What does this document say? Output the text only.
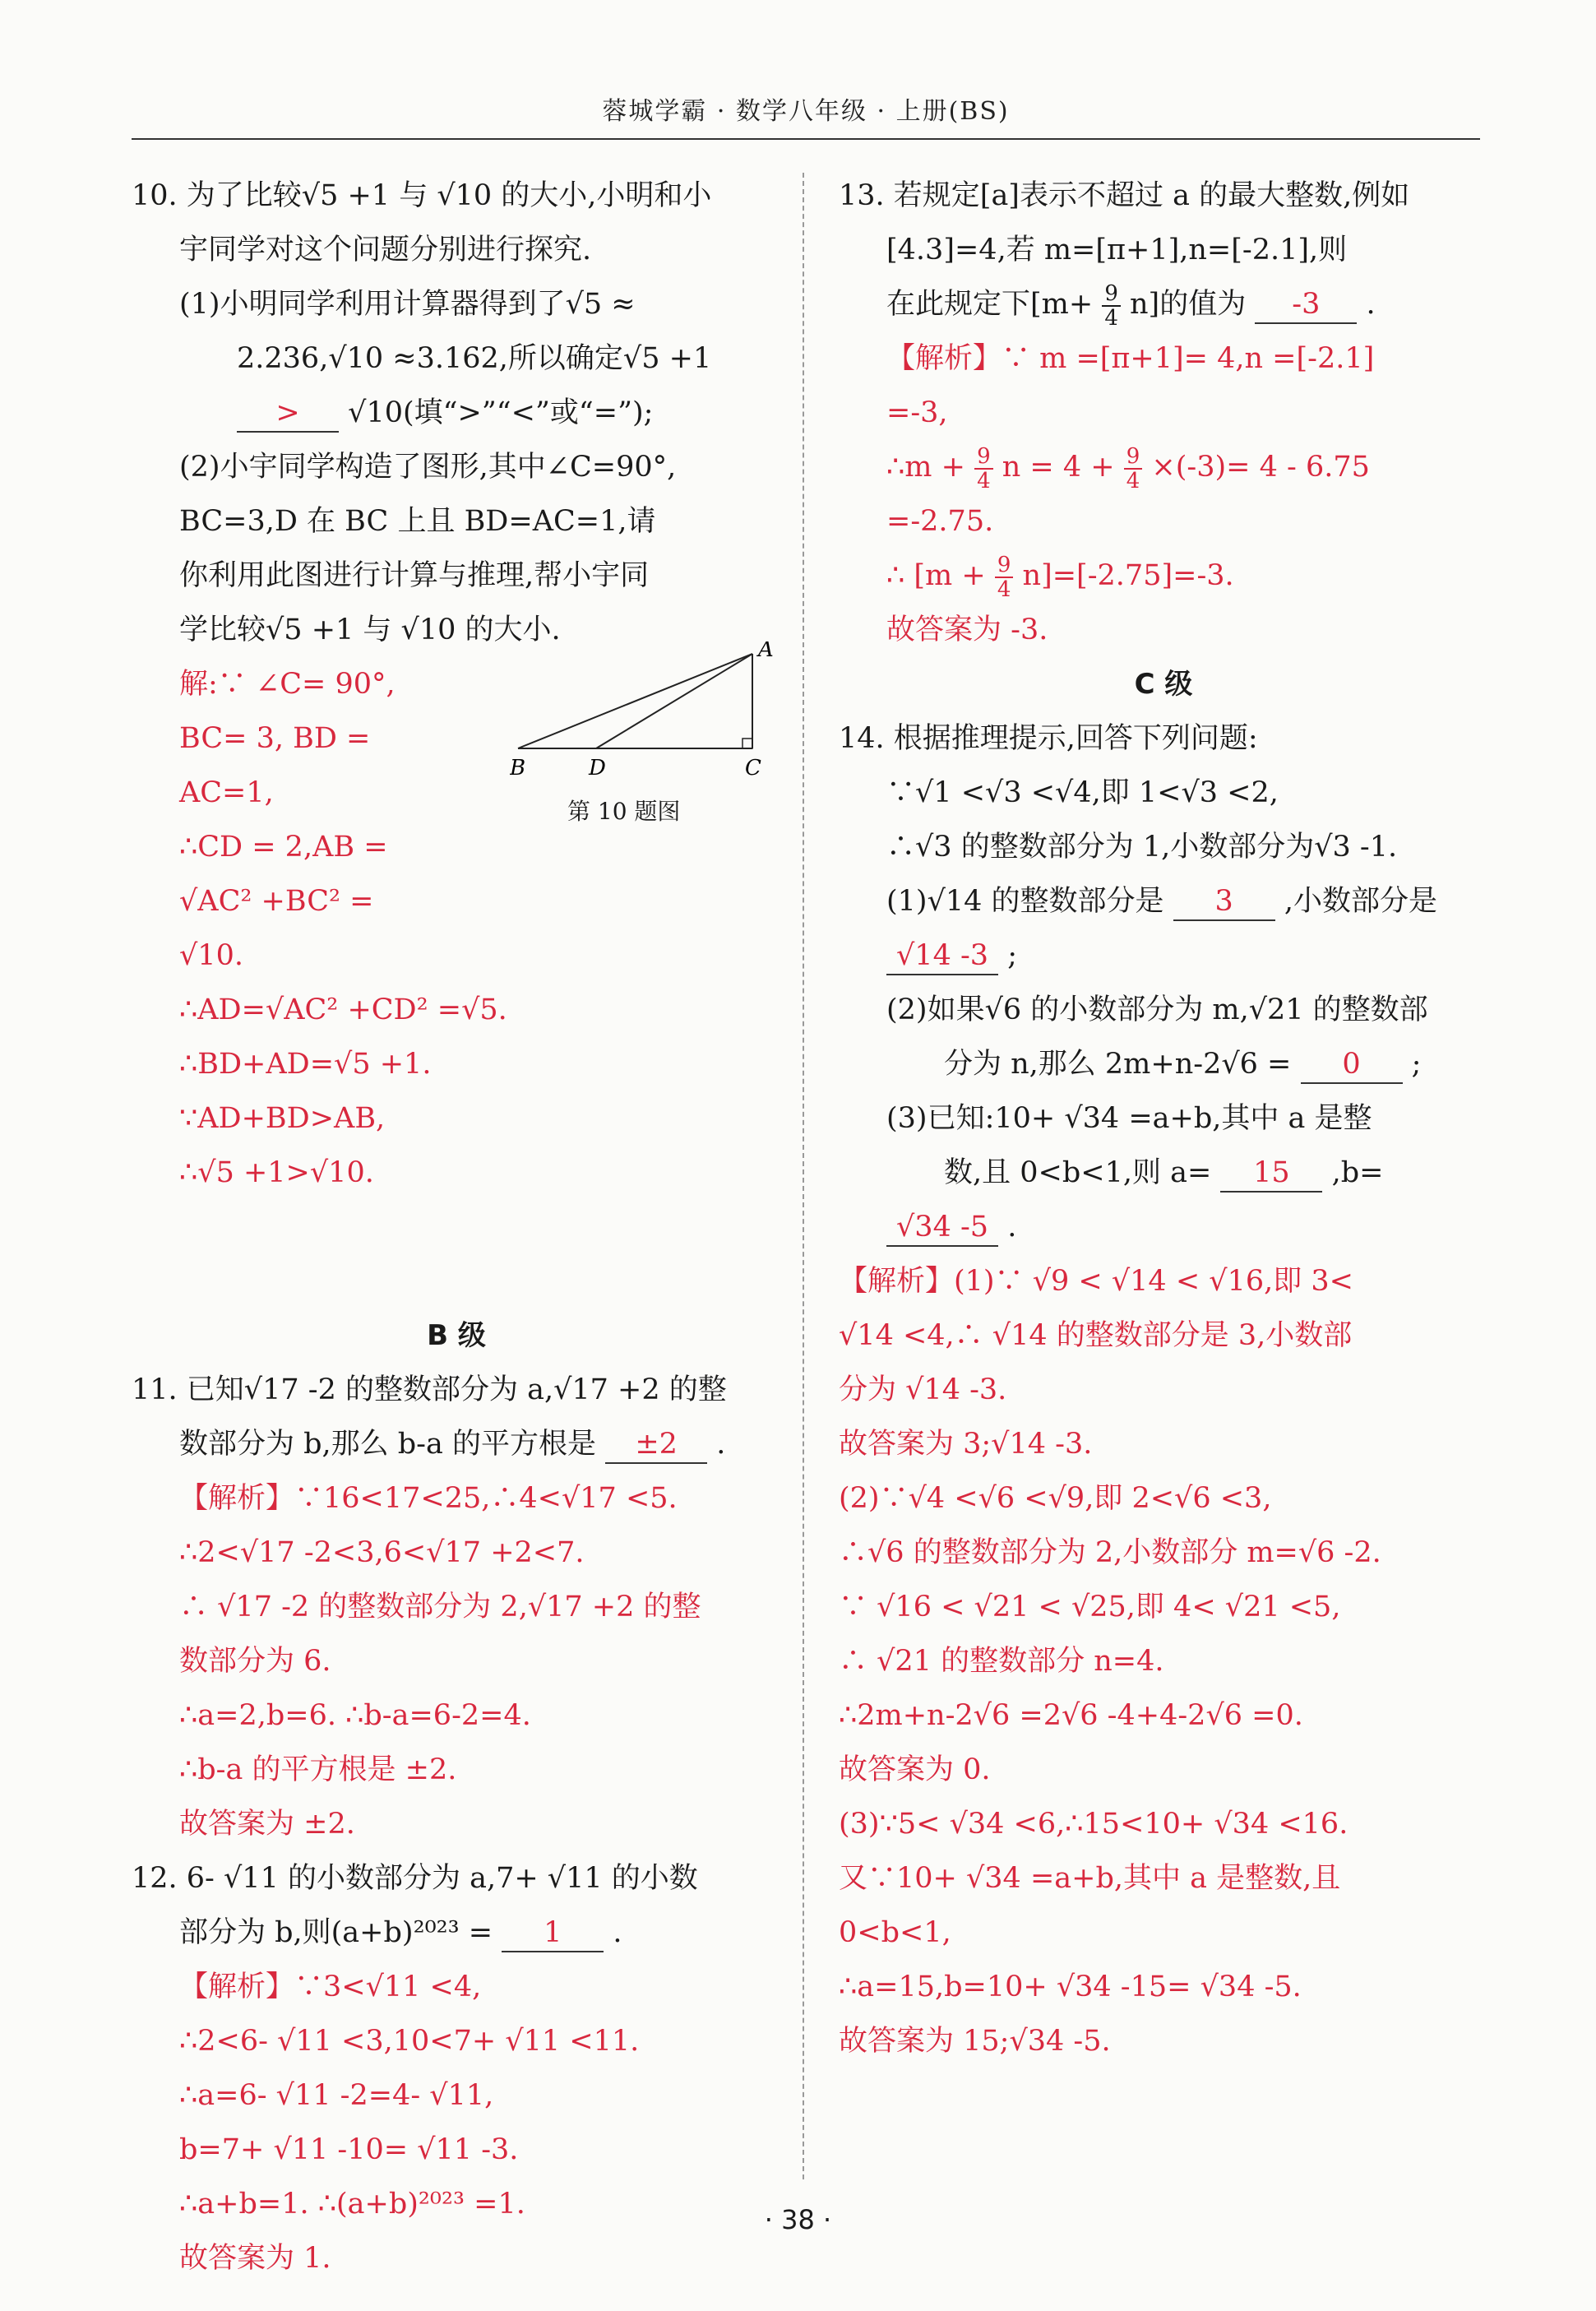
蓉城学霸 · 数学八年级 · 上册(BS)
10. 为了比较√5 +1 与 √10 的大小,小明和小
宇同学对这个问题分别进行探究.
(1)小明同学利用计算器得到了√5 ≈
2.236,√10 ≈3.162,所以确定√5 +1
> √10(填“>”“<”或“=”);
(2)小宇同学构造了图形,其中∠C=90°,
BC=3,D 在 BC 上且 BD=AC=1,请
你利用此图进行计算与推理,帮小宇同
学比较√5 +1 与 √10 的大小.
解:∵ ∠C= 90°,
BC= 3, BD =
AC=1,
∴CD = 2,AB =
√AC² +BC² =
√10.
∴AD=√AC² +CD² =√5.
∴BD+AD=√5 +1.
∵AD+BD>AB,
∴√5 +1>√10.
B 级
11. 已知√17 -2 的整数部分为 a,√17 +2 的整
数部分为 b,那么 b-a 的平方根是 ±2 .
【解析】∵16<17<25,∴4<√17 <5.
∴2<√17 -2<3,6<√17 +2<7.
∴ √17 -2 的整数部分为 2,√17 +2 的整
数部分为 6.
∴a=2,b=6. ∴b-a=6-2=4.
∴b-a 的平方根是 ±2.
故答案为 ±2.
12. 6- √11 的小数部分为 a,7+ √11 的小数
部分为 b,则(a+b)²⁰²³ = 1 .
【解析】∵3<√11 <4,
∴2<6- √11 <3,10<7+ √11 <11.
∴a=6- √11 -2=4- √11,
b=7+ √11 -10= √11 -3.
∴a+b=1. ∴(a+b)²⁰²³ =1.
故答案为 1.
A
B	D	C
第 10 题图
13. 若规定[a]表示不超过 a 的最大整数,例如
[4.3]=4,若 m=[π+1],n=[-2.1],则
在此规定下$[m+ \frac{9}{4} n]$的值为 -3 .
【解析】∵ m =[π+1]= 4,n =[-2.1]
=-3,
∴m + $\frac{9}{4}$ $n = 4 + \frac{9}{4} \times(-3)= 4 - 6.75$
=-2.75.
∴ $[m + \frac{9}{4} n]=[-2.75]=-3$.
故答案为 -3.
C 级
14. 根据推理提示,回答下列问题:
∵√1 <√3 <√4,即 1<√3 <2,
∴√3 的整数部分为 1,小数部分为√3 -1.
(1)√14 的整数部分是 3 ,小数部分是
√14 -3 ;
(2)如果√6 的小数部分为 m,√21 的整数部
分为 n,那么 2m+n-2√6 = 0 ;
(3)已知:10+ √34 =a+b,其中 a 是整
数,且 0<b<1,则 a= 15 ,b=
√34 -5 .
【解析】(1)∵ √9 < √14 < √16,即 3<
√14 <4,∴ √14 的整数部分是 3,小数部
分为 √14 -3.
故答案为 3;√14 -3.
(2)∵√4 <√6 <√9,即 2<√6 <3,
∴√6 的整数部分为 2,小数部分 m=√6 -2.
∵ √16 < √21 < √25,即 4< √21 <5,
∴ √21 的整数部分 n=4.
∴2m+n-2√6 =2√6 -4+4-2√6 =0.
故答案为 0.
(3)∵5< √34 <6,∴15<10+ √34 <16.
又∵10+ √34 =a+b,其中 a 是整数,且
0<b<1,
∴a=15,b=10+ √34 -15= √34 -5.
故答案为 15;√34 -5.
· 38 ·
